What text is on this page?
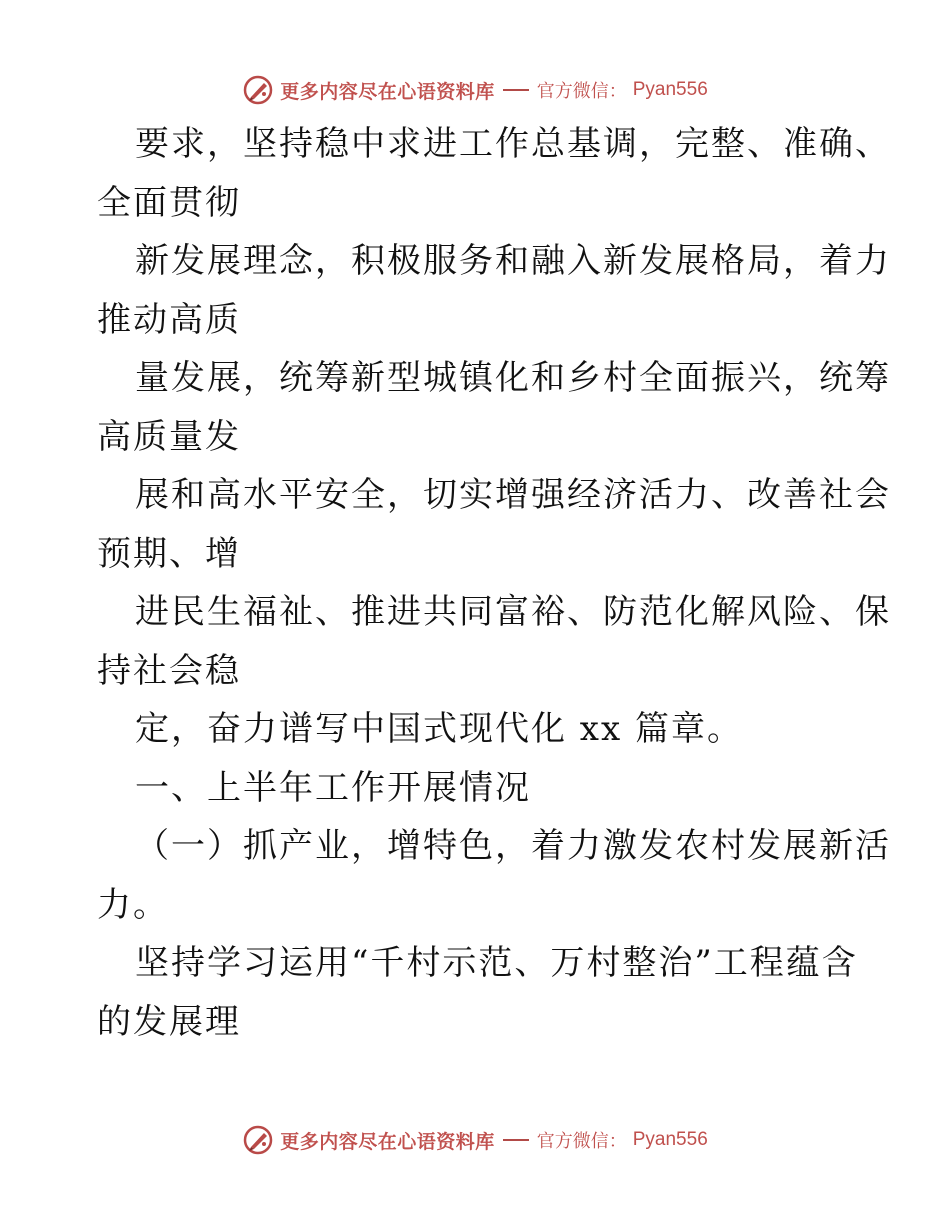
更多内容尽在心语资料库 官方微信： Pyan556
要求，坚持稳中求进工作总基调，完整、准确、
全面贯彻
新发展理念，积极服务和融入新发展格局，着力
推动高质
量发展，统筹新型城镇化和乡村全面振兴，统筹
高质量发
展和高水平安全，切实增强经济活力、改善社会
预期、增
进民生福祉、推进共同富裕、防范化解风险、保
持社会稳
定，奋力谱写中国式现代化 xx 篇章。
一、上半年工作开展情况
（一）抓产业，增特色，着力激发农村发展新活
力。
坚持学习运用“千村示范、万村整治”工程蕴含
的发展理
更多内容尽在心语资料库 官方微信： Pyan556
